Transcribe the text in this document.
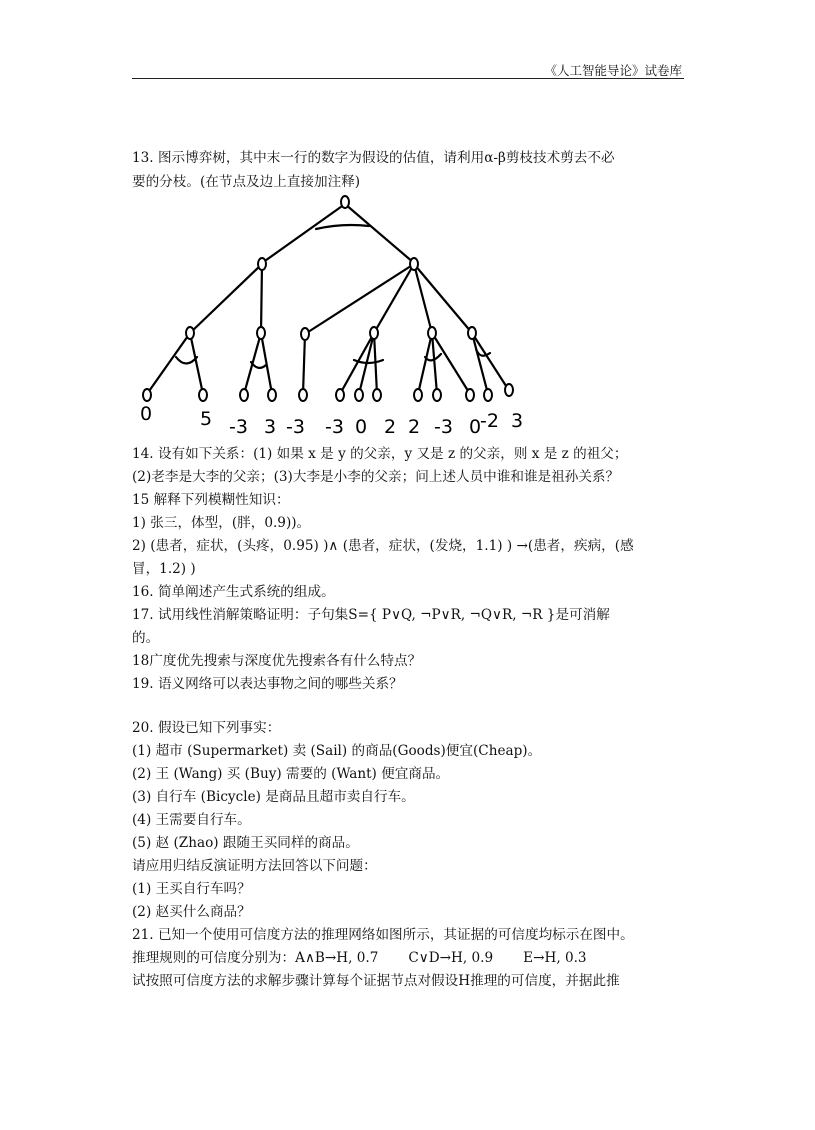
《人工智能导论》试卷库
13. 图示博弈树，其中末一行的数字为假设的估值，请利用α-β剪枝技术剪去不必
要的分枝。(在节点及边上直接加注释)
0	5 -3 3 -3 -3 0 2 2 -3 0
-2 3
14. 设有如下关系：(1) 如果 x 是 y 的父亲，y 又是 z 的父亲，则 x 是 z 的祖父；
(2)老李是大李的父亲；(3)大李是小李的父亲；问上述人员中谁和谁是祖孙关系？
15 解释下列模糊性知识：
1) 张三，体型，(胖，0.9))。
2) (患者，症状，(头疼，0.95) )∧ (患者，症状，(发烧，1.1) ) →(患者，疾病，(感
冒，1.2) )
16. 简单阐述产生式系统的组成。
17. 试用线性消解策略证明：子句集S={ P∨Q, ¬P∨R, ¬Q∨R, ¬R }是可消解
的。
18广度优先搜索与深度优先搜索各有什么特点？
19. 语义网络可以表达事物之间的哪些关系？
20. 假设已知下列事实：
(1) 超市 (Supermarket) 卖 (Sail) 的商品(Goods)便宜(Cheap)。
(2) 王 (Wang) 买 (Buy) 需要的 (Want) 便宜商品。
(3) 自行车 (Bicycle) 是商品且超市卖自行车。
(4) 王需要自行车。
(5) 赵 (Zhao) 跟随王买同样的商品。
请应用归结反演证明方法回答以下问题：
(1) 王买自行车吗？
(2) 赵买什么商品？
21. 已知一个使用可信度方法的推理网络如图所示，其证据的可信度均标示在图中。
推理规则的可信度分别为：A∧B→H, 0.7 C∨D→H, 0.9 E→H, 0.3
试按照可信度方法的求解步骤计算每个证据节点对假设H推理的可信度，并据此推
